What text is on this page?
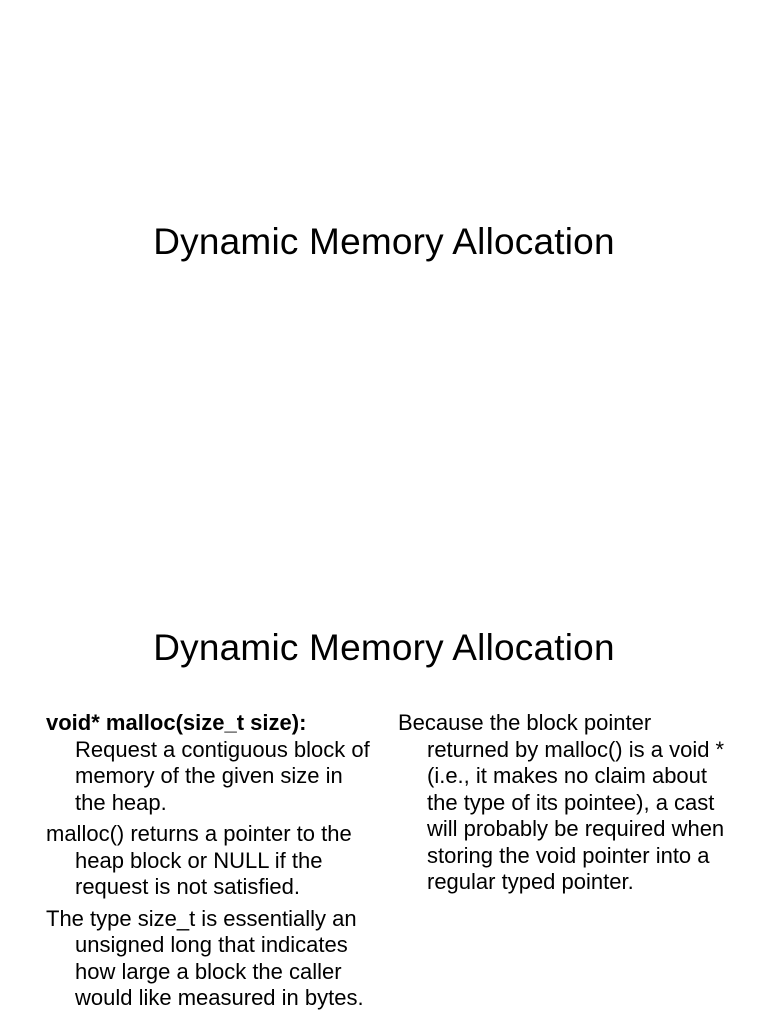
Dynamic Memory Allocation
Dynamic Memory Allocation

void* malloc(size_t size): Request a contiguous block of memory of the given size in the heap.

malloc() returns a pointer to the heap block or NULL if the request is not satisfied.

The type size_t is essentially an unsigned long that indicates how large a block the caller would like measured in bytes.

Because the block pointer returned by malloc() is a void * (i.e., it makes no claim about the type of its pointee), a cast will probably be required when storing the void pointer into a regular typed pointer.
